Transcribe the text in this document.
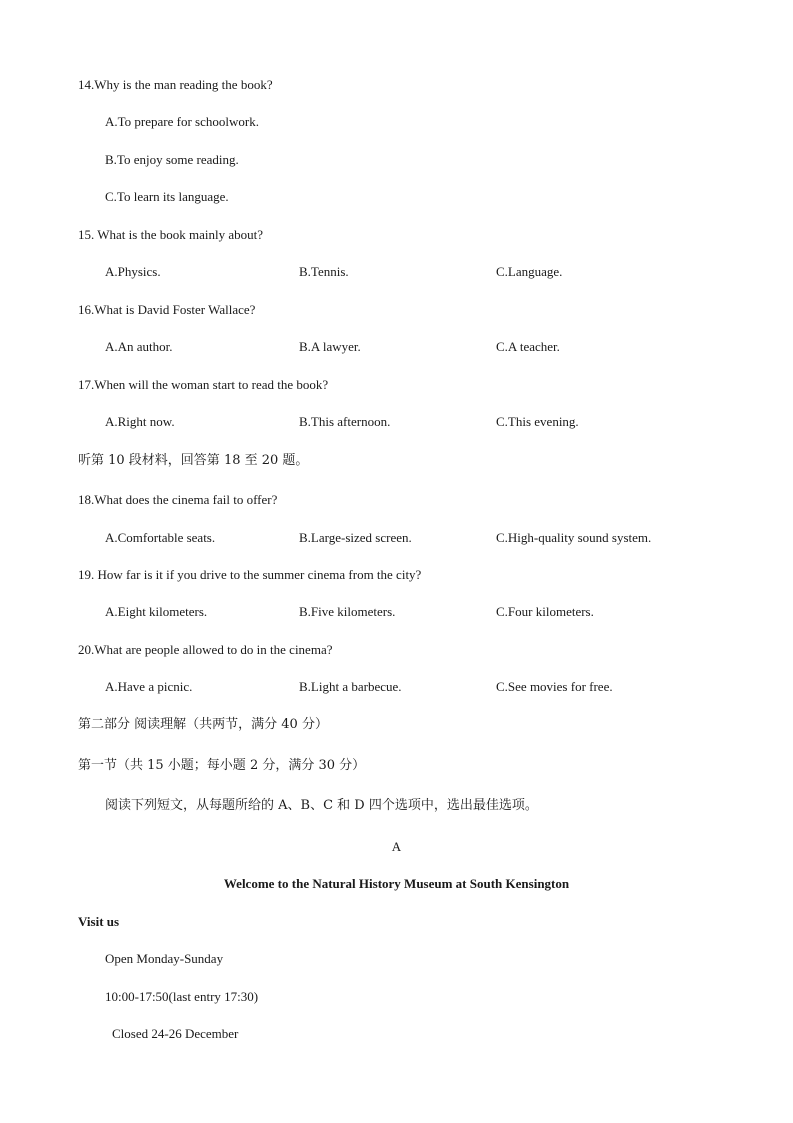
14.Why is the man reading the book?
A.To prepare for schoolwork.
B.To enjoy some reading.
C.To learn its language.
15. What is the book mainly about?
A.Physics.	B.Tennis.	C.Language.
16.What is David Foster Wallace?
A.An author.	B.A lawyer.	C.A teacher.
17.When will the woman start to read the book?
A.Right now.	B.This afternoon.	C.This evening.
听第 10 段材料，回答第 18 至 20 题。
18.What does the cinema fail to offer?
A.Comfortable seats.	B.Large-sized screen.	C.High-quality sound system.
19. How far is it if you drive to the summer cinema from the city?
A.Eight kilometers.	B.Five kilometers.	C.Four kilometers.
20.What are people allowed to do in the cinema?
A.Have a picnic.	B.Light a barbecue.	C.See movies for free.
第二部分 阅读理解（共两节，满分 40 分）
第一节（共 15 小题；每小题 2 分，满分 30 分）
阅读下列短文，从每题所给的 A、B、C 和 D 四个选项中，选出最佳选项。
A
Welcome to the Natural History Museum at South Kensington
Visit us
Open Monday-Sunday
10:00-17:50(last entry 17:30)
Closed 24-26 December
